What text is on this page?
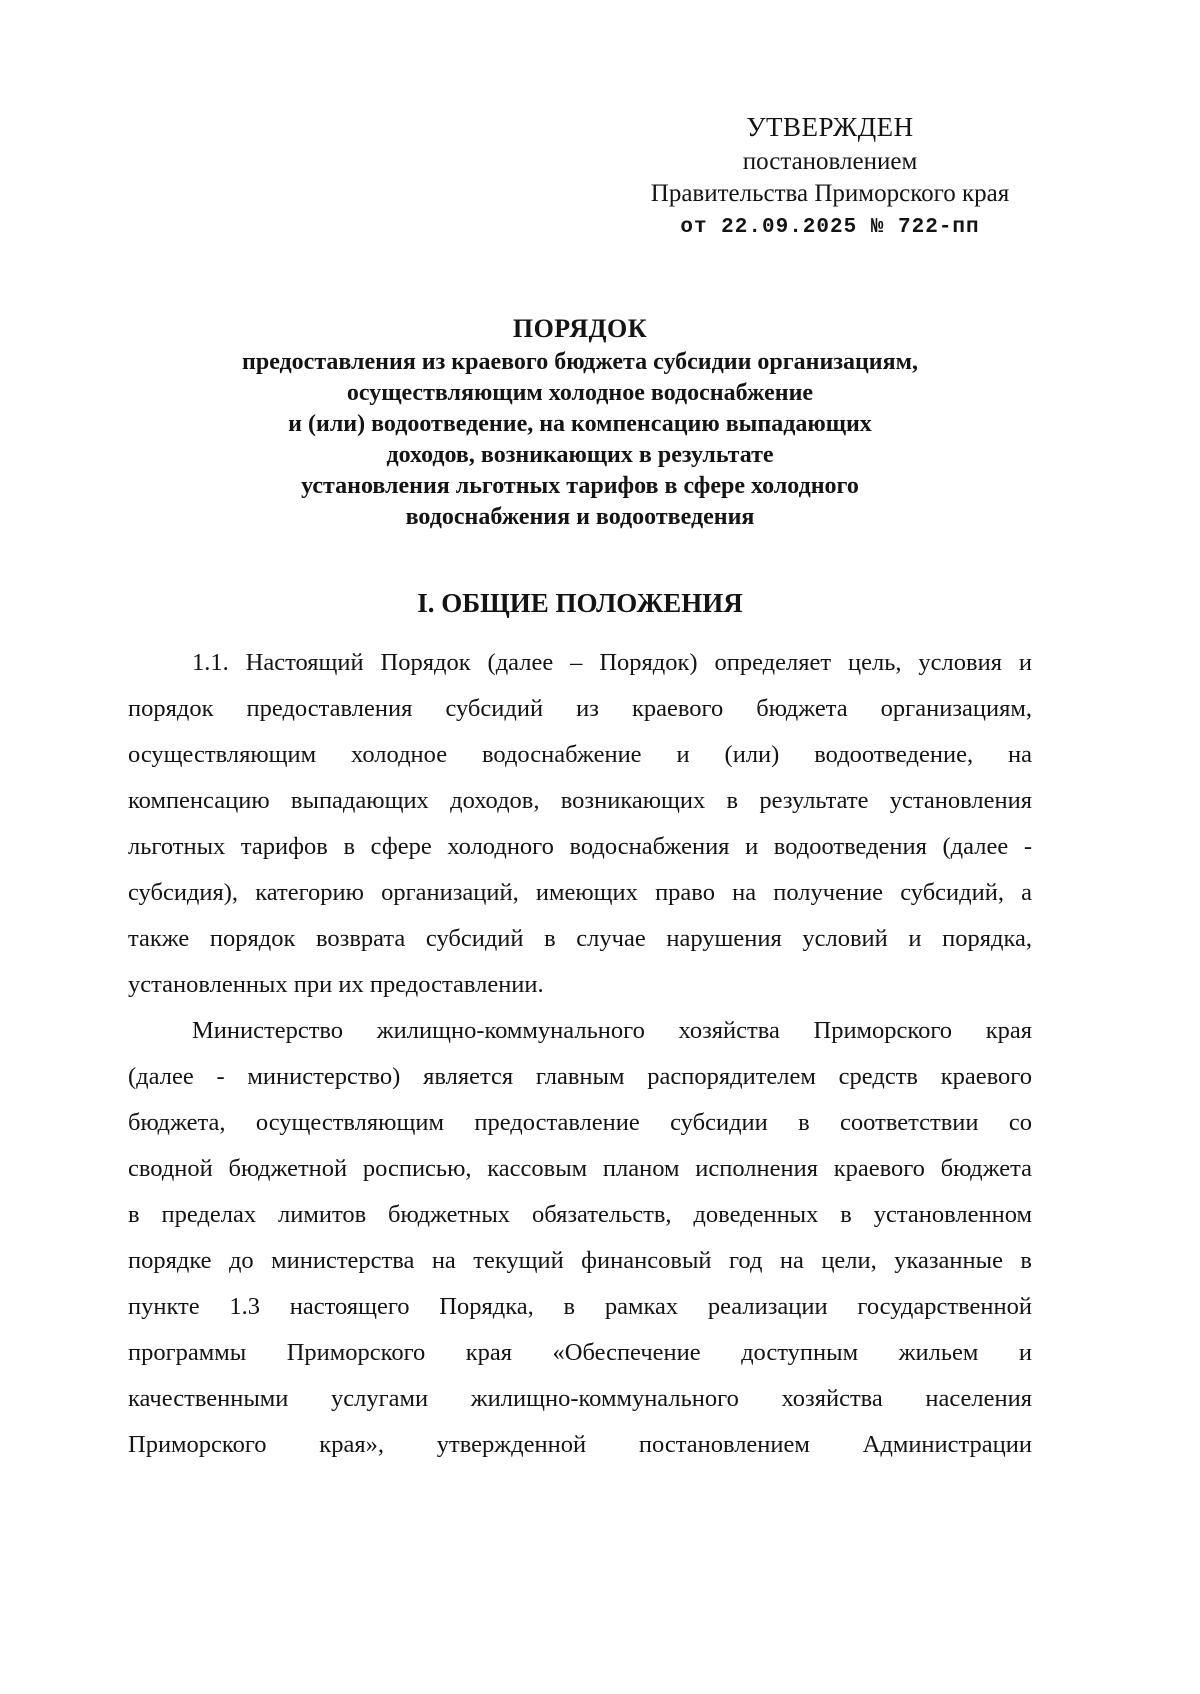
УТВЕРЖДЕН
постановлением
Правительства Приморского края
от 22.09.2025 № 722-пп
ПОРЯДОК
предоставления из краевого бюджета субсидии организациям,
осуществляющим холодное водоснабжение
и (или) водоотведение, на компенсацию выпадающих
доходов, возникающих в результате
установления льготных тарифов в сфере холодного
водоснабжения и водоотведения
I. ОБЩИЕ ПОЛОЖЕНИЯ
1.1. Настоящий Порядок (далее – Порядок) определяет цель, условия и
порядок предоставления субсидий из краевого бюджета организациям,
осуществляющим холодное водоснабжение и (или) водоотведение, на
компенсацию выпадающих доходов, возникающих в результате установления
льготных тарифов в сфере холодного водоснабжения и водоотведения (далее -
субсидия), категорию организаций, имеющих право на получение субсидий, а
также порядок возврата субсидий в случае нарушения условий и порядка,
установленных при их предоставлении.
Министерство жилищно-коммунального хозяйства Приморского края
(далее - министерство) является главным распорядителем средств краевого
бюджета, осуществляющим предоставление субсидии в соответствии со
сводной бюджетной росписью, кассовым планом исполнения краевого бюджета
в пределах лимитов бюджетных обязательств, доведенных в установленном
порядке до министерства на текущий финансовый год на цели, указанные в
пункте 1.3 настоящего Порядка, в рамках реализации государственной
программы Приморского края «Обеспечение доступным жильем и
качественными услугами жилищно-коммунального хозяйства населения
Приморского края», утвержденной постановлением Администрации
